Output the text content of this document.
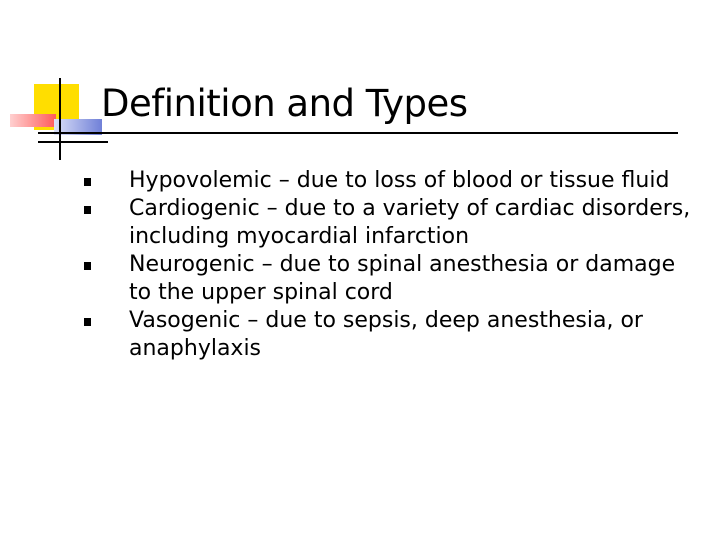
Definition and Types
Hypovolemic – due to loss of blood or tissue fluid
Cardiogenic – due to a variety of cardiac disorders, including myocardial infarction
Neurogenic – due to spinal anesthesia or damage to the upper spinal cord
Vasogenic – due to sepsis, deep anesthesia, or anaphylaxis
